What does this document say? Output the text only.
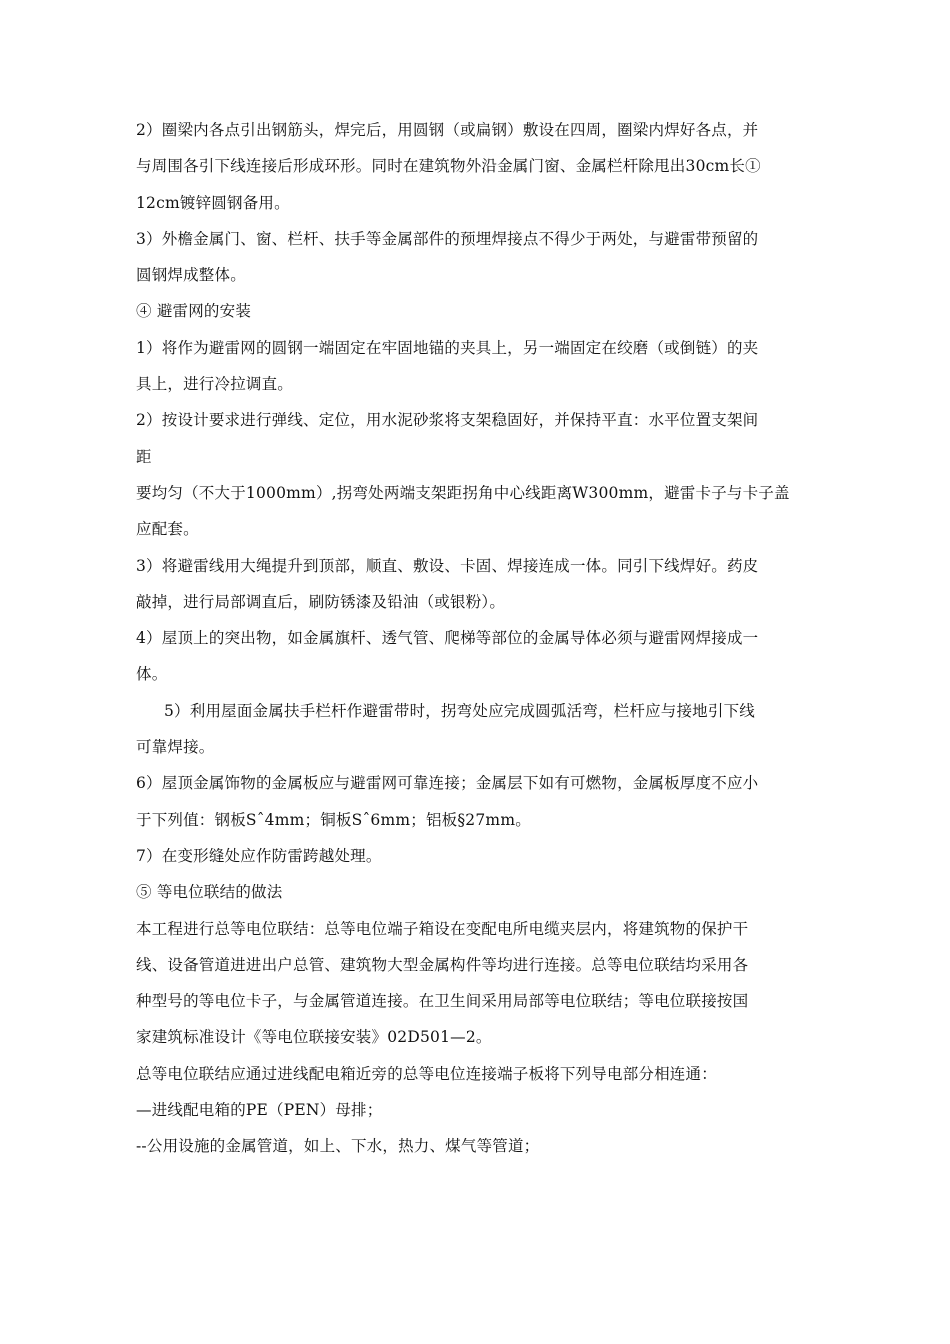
2）圈梁内各点引出钢筋头，焊完后，用圆钢（或扁钢）敷设在四周，圈梁内焊好各点，并
与周围各引下线连接后形成环形。同时在建筑物外沿金属门窗、金属栏杆除甩出30cm长①
12cm镀锌圆钢备用。
3）外檐金属门、窗、栏杆、扶手等金属部件的预埋焊接点不得少于两处，与避雷带预留的
圆钢焊成整体。
④ 避雷网的安装
1）将作为避雷网的圆钢一端固定在牢固地锚的夹具上，另一端固定在绞磨（或倒链）的夹
具上，进行冷拉调直。
2）按设计要求进行弹线、定位，用水泥砂浆将支架稳固好，并保持平直：水平位置支架间
距
要均匀（不大于1000mm）,拐弯处两端支架距拐角中心线距离W300mm，避雷卡子与卡子盖
应配套。
3）将避雷线用大绳提升到顶部，顺直、敷设、卡固、焊接连成一体。同引下线焊好。药皮
敲掉，进行局部调直后，刷防锈漆及铅油（或银粉）。
4）屋顶上的突出物，如金属旗杆、透气管、爬梯等部位的金属导体必须与避雷网焊接成一
体。
5）利用屋面金属扶手栏杆作避雷带时，拐弯处应完成圆弧活弯，栏杆应与接地引下线
可靠焊接。
6）屋顶金属饰物的金属板应与避雷网可靠连接；金属层下如有可燃物，金属板厚度不应小
于下列值：钢板Sˆ4mm；铜板Sˆ6mm；铝板§27mm。
7）在变形缝处应作防雷跨越处理。
⑤ 等电位联结的做法
本工程进行总等电位联结：总等电位端子箱设在变配电所电缆夹层内，将建筑物的保护干
线、设备管道进进出户总管、建筑物大型金属构件等均进行连接。总等电位联结均采用各
种型号的等电位卡子，与金属管道连接。在卫生间采用局部等电位联结；等电位联接按国
家建筑标准设计《等电位联接安装》02D501—2。
总等电位联结应通过进线配电箱近旁的总等电位连接端子板将下列导电部分相连通：
—进线配电箱的PE（PEN）母排；
--公用设施的金属管道，如上、下水，热力、煤气等管道；
